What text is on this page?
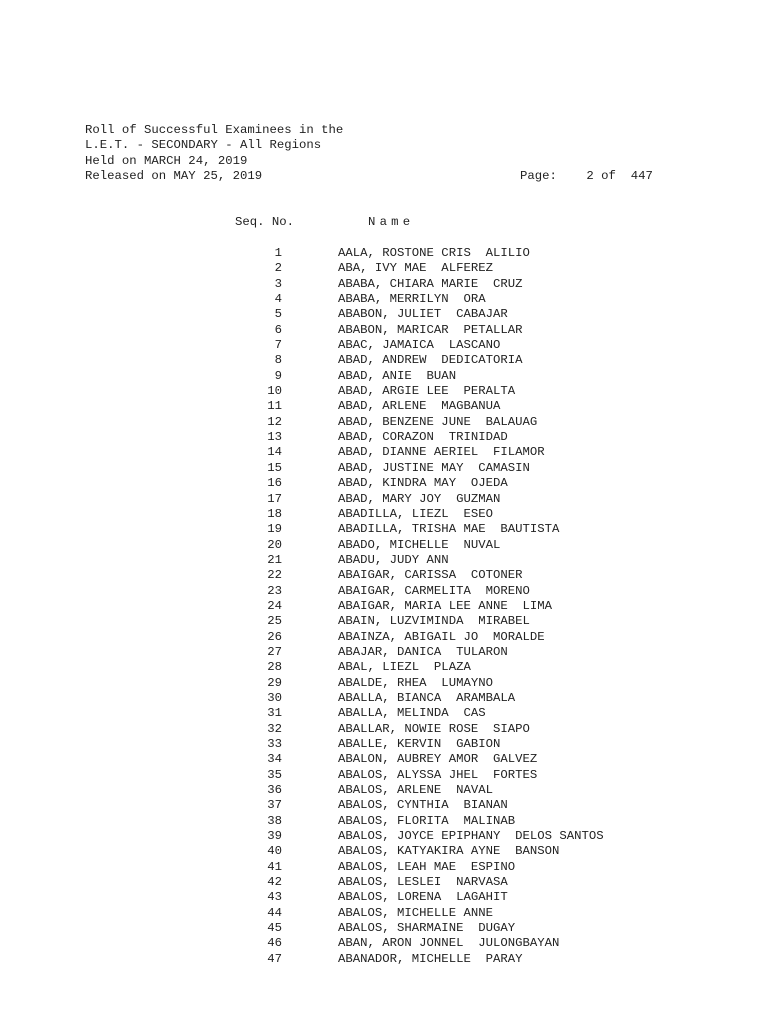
Roll of Successful Examinees in the
L.E.T. - SECONDARY - All Regions
Held on MARCH 24, 2019
Released on MAY 25, 2019	Page:    2 of  447
Seq. No.	Name
1	AALA, ROSTONE CRIS  ALILIO
2	ABA, IVY MAE  ALFEREZ
3	ABABA, CHIARA MARIE  CRUZ
4	ABABA, MERRILYN  ORA
5	ABABON, JULIET  CABAJAR
6	ABABON, MARICAR  PETALLAR
7	ABAC, JAMAICA  LASCANO
8	ABAD, ANDREW  DEDICATORIA
9	ABAD, ANIE  BUAN
10	ABAD, ARGIE LEE  PERALTA
11	ABAD, ARLENE  MAGBANUA
12	ABAD, BENZENE JUNE  BALAUAG
13	ABAD, CORAZON  TRINIDAD
14	ABAD, DIANNE AERIEL  FILAMOR
15	ABAD, JUSTINE MAY  CAMASIN
16	ABAD, KINDRA MAY  OJEDA
17	ABAD, MARY JOY  GUZMAN
18	ABADILLA, LIEZL  ESEO
19	ABADILLA, TRISHA MAE  BAUTISTA
20	ABADO, MICHELLE  NUVAL
21	ABADU, JUDY ANN
22	ABAIGAR, CARISSA  COTONER
23	ABAIGAR, CARMELITA  MORENO
24	ABAIGAR, MARIA LEE ANNE  LIMA
25	ABAIN, LUZVIMINDA  MIRABEL
26	ABAINZA, ABIGAIL JO  MORALDE
27	ABAJAR, DANICA  TULARON
28	ABAL, LIEZL  PLAZA
29	ABALDE, RHEA  LUMAYNO
30	ABALLA, BIANCA  ARAMBALA
31	ABALLA, MELINDA  CAS
32	ABALLAR, NOWIE ROSE  SIAPO
33	ABALLE, KERVIN  GABION
34	ABALON, AUBREY AMOR  GALVEZ
35	ABALOS, ALYSSA JHEL  FORTES
36	ABALOS, ARLENE  NAVAL
37	ABALOS, CYNTHIA  BIANAN
38	ABALOS, FLORITA  MALINAB
39	ABALOS, JOYCE EPIPHANY  DELOS SANTOS
40	ABALOS, KATYAKIRA AYNE  BANSON
41	ABALOS, LEAH MAE  ESPINO
42	ABALOS, LESLEI  NARVASA
43	ABALOS, LORENA  LAGAHIT
44	ABALOS, MICHELLE ANNE
45	ABALOS, SHARMAINE  DUGAY
46	ABAN, ARON JONNEL  JULONGBAYAN
47	ABANADOR, MICHELLE  PARAY
